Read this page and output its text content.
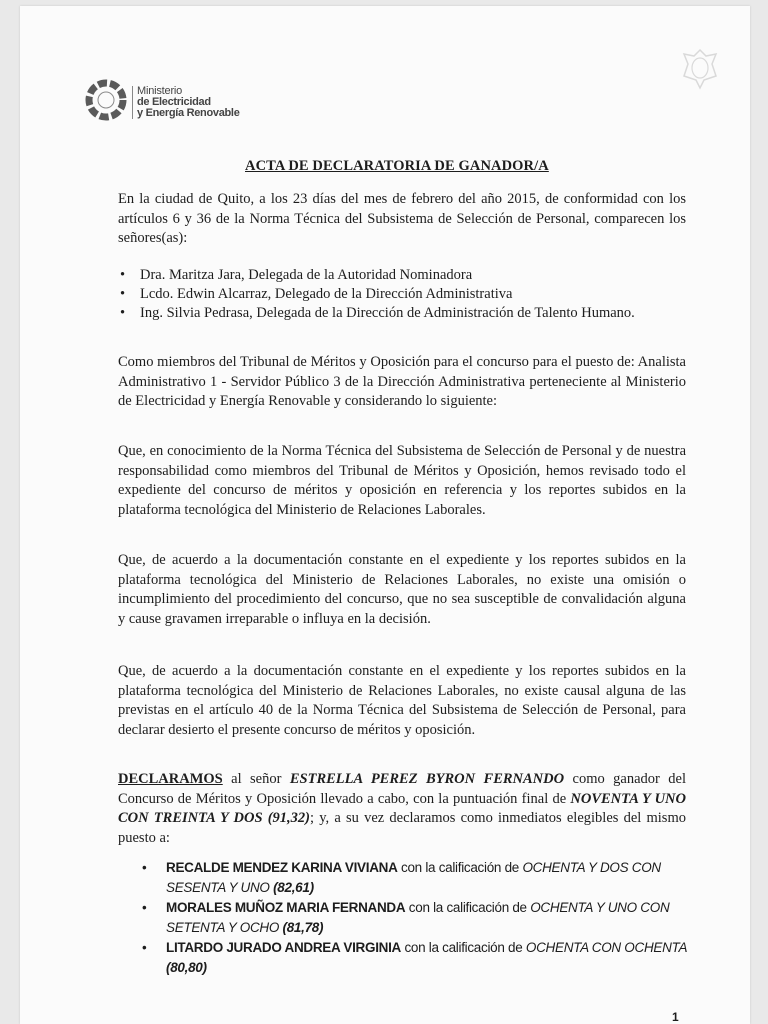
Ministerio
de Electricidad
y Energía Renovable
ACTA DE DECLARATORIA DE GANADOR/A

En la ciudad de Quito, a los 23 días del mes de febrero del año 2015, de conformidad con los artículos 6 y 36 de la Norma Técnica del Subsistema de Selección de Personal, comparecen los señores(as):

• Dra. Maritza Jara, Delegada de la Autoridad Nominadora
• Lcdo. Edwin Alcarraz, Delegado de la Dirección Administrativa
• Ing. Silvia Pedrasa, Delegada de la Dirección de Administración de Talento Humano.

Como miembros del Tribunal de Méritos y Oposición para el concurso para el puesto de: Analista Administrativo 1 - Servidor Público 3 de la Dirección Administrativa perteneciente al Ministerio de Electricidad y Energía Renovable y considerando lo siguiente:

Que, en conocimiento de la Norma Técnica del Subsistema de Selección de Personal y de nuestra responsabilidad como miembros del Tribunal de Méritos y Oposición, hemos revisado todo el expediente del concurso de méritos y oposición en referencia y los reportes subidos en la plataforma tecnológica del Ministerio de Relaciones Laborales.

Que, de acuerdo a la documentación constante en el expediente y los reportes subidos en la plataforma tecnológica del Ministerio de Relaciones Laborales, no existe una omisión o incumplimiento del procedimiento del concurso, que no sea susceptible de convalidación alguna y cause gravamen irreparable o influya en la decisión.

Que, de acuerdo a la documentación constante en el expediente y los reportes subidos en la plataforma tecnológica del Ministerio de Relaciones Laborales, no existe causal alguna de las previstas en el artículo 40 de la Norma Técnica del Subsistema de Selección de Personal, para declarar desierto el presente concurso de méritos y oposición.

DECLARAMOS al señor ESTRELLA PEREZ BYRON FERNANDO como ganador del Concurso de Méritos y Oposición llevado a cabo, con la puntuación final de NOVENTA Y UNO CON TREINTA Y DOS (91,32); y, a su vez declaramos como inmediatos elegibles del mismo puesto a:

• RECALDE MENDEZ KARINA VIVIANA con la calificación de OCHENTA Y DOS CON SESENTA Y UNO (82,61)
• MORALES MUÑOZ MARIA FERNANDA con la calificación de OCHENTA Y UNO CON SETENTA Y OCHO (81,78)
• LITARDO JURADO ANDREA VIRGINIA con la calificación de OCHENTA CON OCHENTA (80,80)
1
